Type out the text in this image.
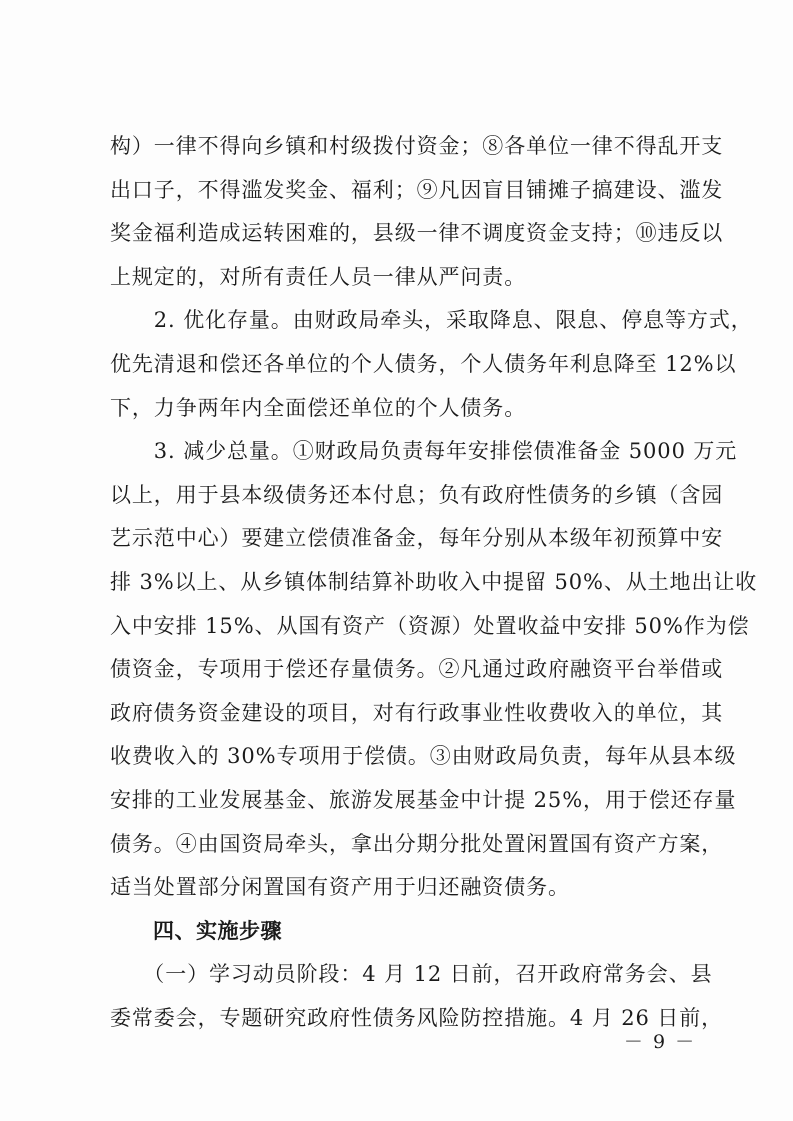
构）一律不得向乡镇和村级拨付资金；⑧各单位一律不得乱开支
出口子，不得滥发奖金、福利；⑨凡因盲目铺摊子搞建设、滥发
奖金福利造成运转困难的，县级一律不调度资金支持；⑩违反以
上规定的，对所有责任人员一律从严问责。
　　2. 优化存量。由财政局牵头，采取降息、限息、停息等方式，
优先清退和偿还各单位的个人债务，个人债务年利息降至 12%以
下，力争两年内全面偿还单位的个人债务。
　　3. 减少总量。①财政局负责每年安排偿债准备金 5000 万元
以上，用于县本级债务还本付息；负有政府性债务的乡镇（含园
艺示范中心）要建立偿债准备金，每年分别从本级年初预算中安
排 3%以上、从乡镇体制结算补助收入中提留 50%、从土地出让收
入中安排 15%、从国有资产（资源）处置收益中安排 50%作为偿
债资金，专项用于偿还存量债务。②凡通过政府融资平台举借或
政府债务资金建设的项目，对有行政事业性收费收入的单位，其
收费收入的 30%专项用于偿债。③由财政局负责，每年从县本级
安排的工业发展基金、旅游发展基金中计提 25%，用于偿还存量
债务。④由国资局牵头，拿出分期分批处置闲置国有资产方案，
适当处置部分闲置国有资产用于归还融资债务。
　　四、实施步骤
　　（一）学习动员阶段：4 月 12 日前，召开政府常务会、县
委常委会，专题研究政府性债务风险防控措施。4 月 26 日前，
－ 9 －
